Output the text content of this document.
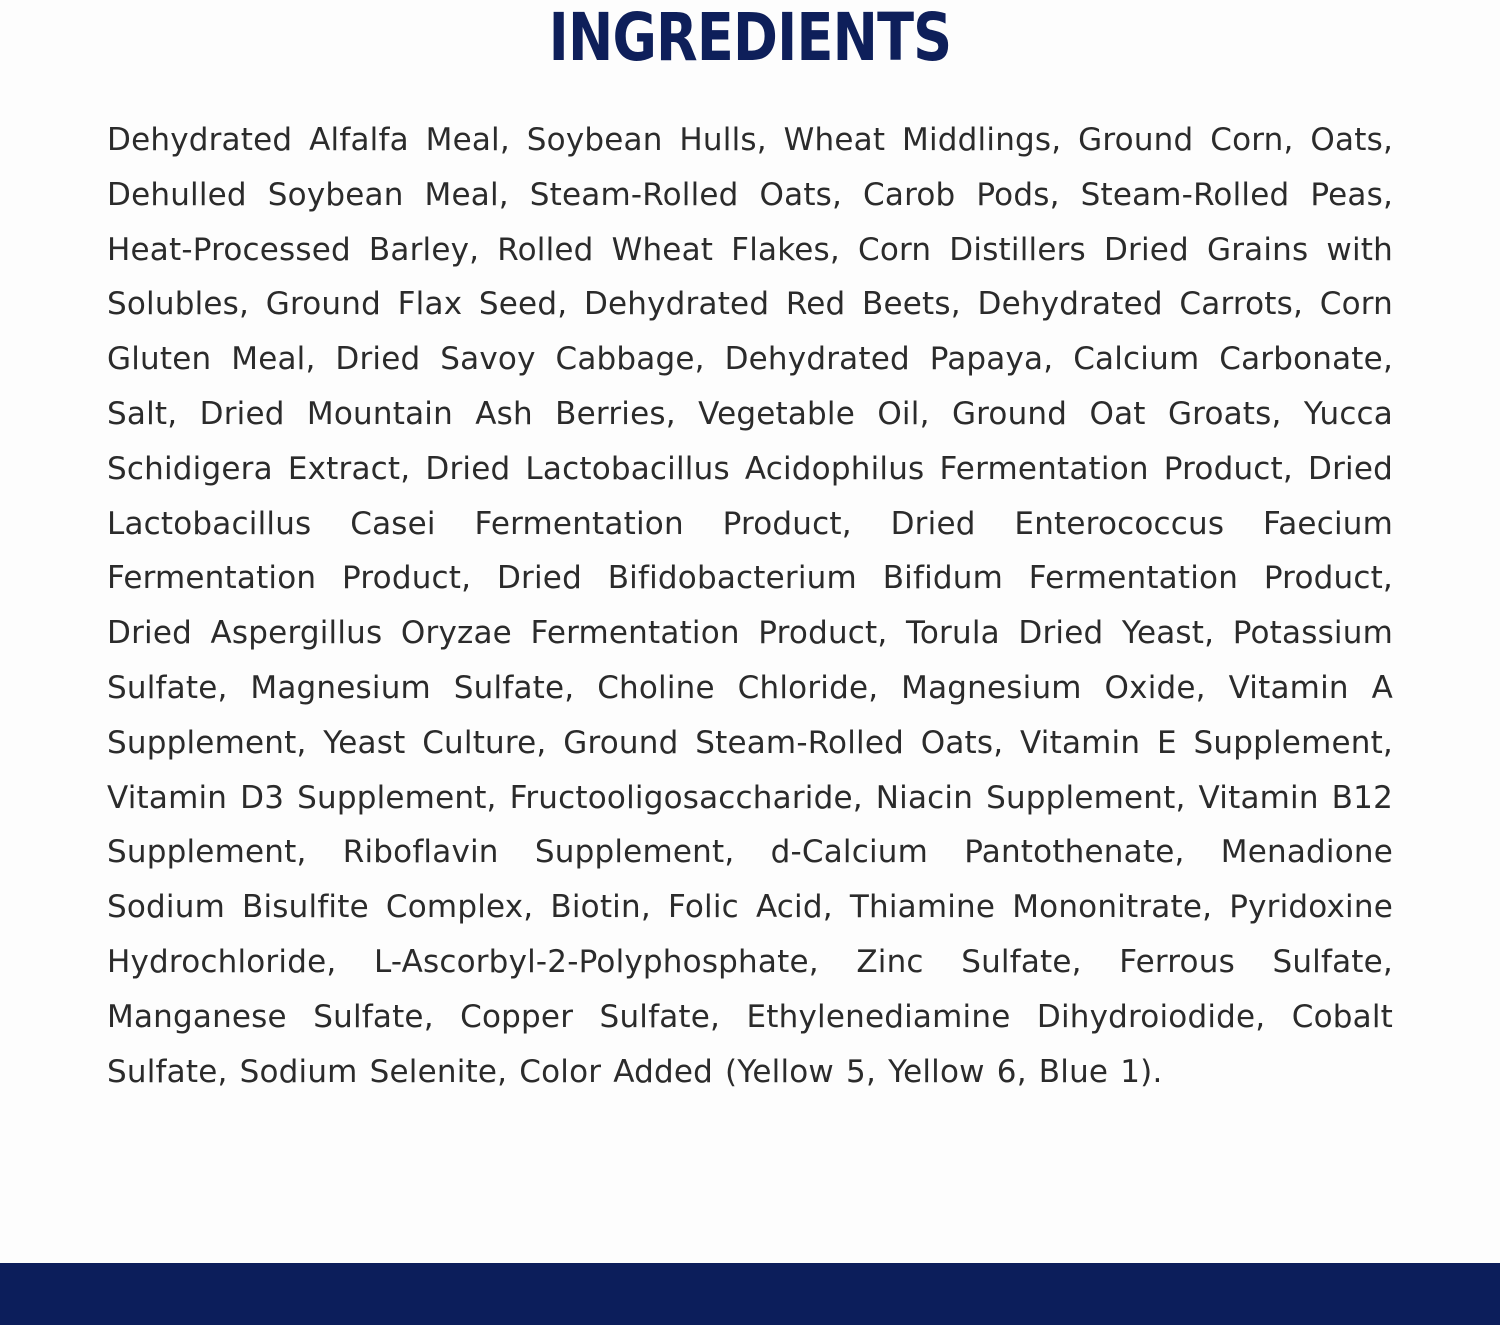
INGREDIENTS

Dehydrated Alfalfa Meal, Soybean Hulls, Wheat Middlings, Ground Corn, Oats, Dehulled Soybean Meal, Steam-Rolled Oats, Carob Pods, Steam-Rolled Peas, Heat-Processed Barley, Rolled Wheat Flakes, Corn Distillers Dried Grains with Solubles, Ground Flax Seed, Dehydrated Red Beets, Dehydrated Carrots, Corn Gluten Meal, Dried Savoy Cabbage, Dehydrated Papaya, Calcium Carbonate, Salt, Dried Mountain Ash Berries, Vegetable Oil, Ground Oat Groats, Yucca Schidigera Extract, Dried Lactobacillus Acidophilus Fermentation Product, Dried Lactobacillus Casei Fermentation Product, Dried Enterococcus Faecium Fermentation Product, Dried Bifidobacterium Bifidum Fermentation Product, Dried Aspergillus Oryzae Fermentation Product, Torula Dried Yeast, Potassium Sulfate, Magnesium Sulfate, Choline Chloride, Magnesium Oxide, Vitamin A Supplement, Yeast Culture, Ground Steam-Rolled Oats, Vitamin E Supplement, Vitamin D3 Supplement, Fructooligosaccharide, Niacin Supplement, Vitamin B12 Supplement, Riboflavin Supplement, d-Calcium Pantothenate, Menadione Sodium Bisulfite Complex, Biotin, Folic Acid, Thiamine Mononitrate, Pyridoxine Hydrochloride, L-Ascorbyl-2-Polyphosphate, Zinc Sulfate, Ferrous Sulfate, Manganese Sulfate, Copper Sulfate, Ethylenediamine Dihydroiodide, Cobalt Sulfate, Sodium Selenite, Color Added (Yellow 5, Yellow 6, Blue 1).
